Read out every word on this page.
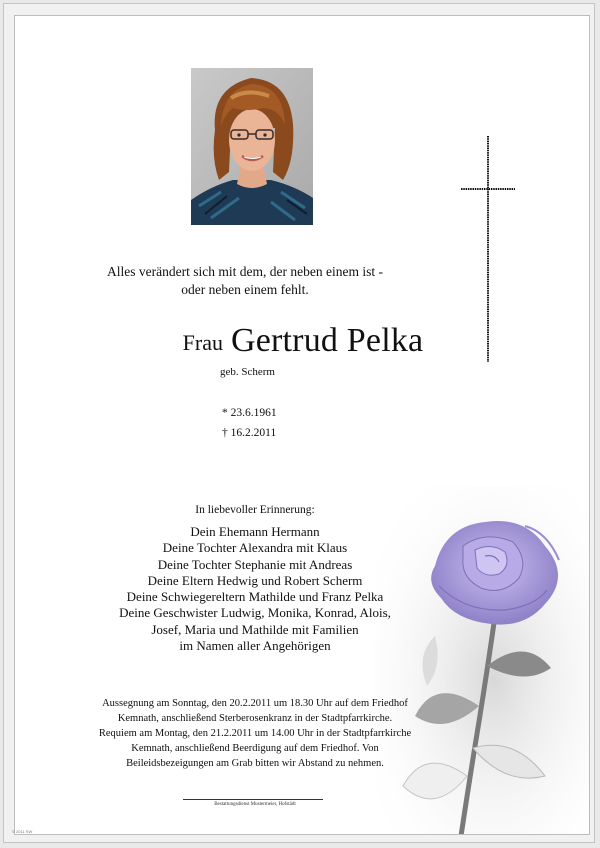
Alles verändert sich mit dem, der neben einem ist -
oder neben einem fehlt.
Frau Gertrud Pelka
geb. Scherm
* 23.6.1961
† 16.2.2011
In liebevoller Erinnerung:
Dein Ehemann Hermann
Deine Tochter Alexandra mit Klaus
Deine Tochter Stephanie mit Andreas
Deine Eltern Hedwig und Robert Scherm
Deine Schwiegereltern Mathilde und Franz Pelka
Deine Geschwister Ludwig, Monika, Konrad, Alois,
Josef, Maria und Mathilde mit Familien
im Namen aller Angehörigen
Aussegnung am Sonntag, den 20.2.2011 um 18.30 Uhr auf dem Friedhof
Kemnath, anschließend Sterberosenkranz in der Stadtpfarrkirche.
Requiem am Montag, den 21.2.2011 um 14.00 Uhr in der Stadtpfarrkirche
Kemnath, anschließend Beerdigung auf dem Friedhof. Von
Beileidsbezeigungen am Grab bitten wir Abstand zu nehmen.
Bestattungsdienst Mustermeier, Hofstädt
© 2011 SW
